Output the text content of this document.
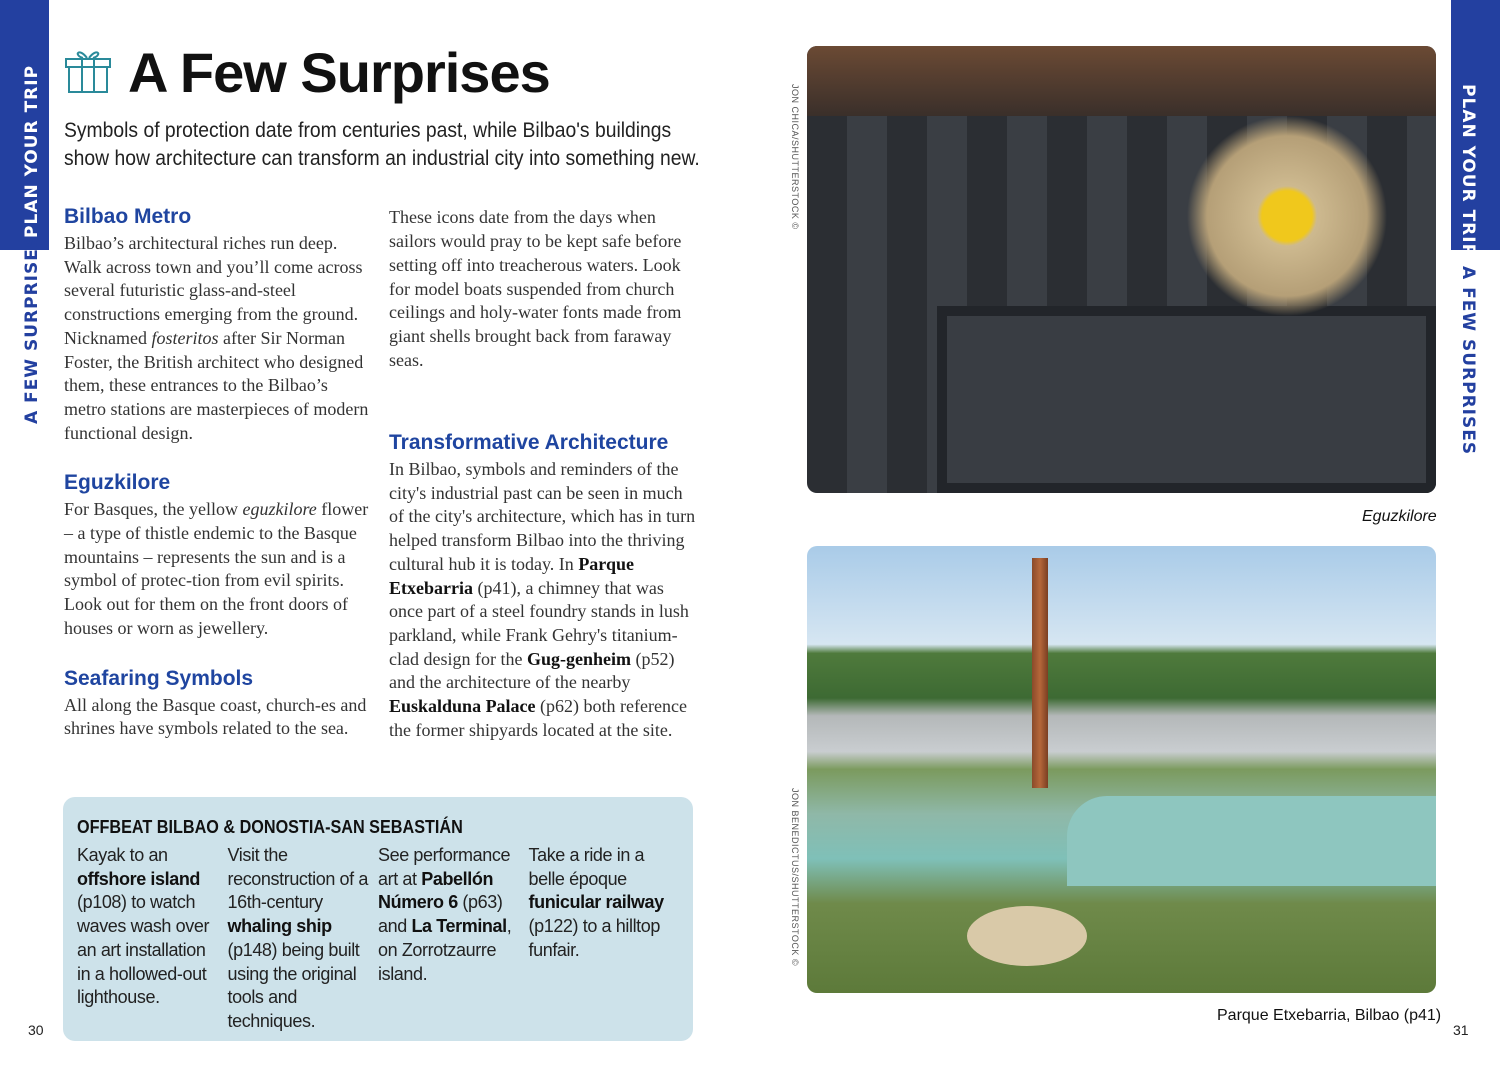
PLAN YOUR TRIP
A FEW SURPRISES
PLAN YOUR TRIP
A FEW SURPRISES
A Few Surprises
Symbols of protection date from centuries past, while Bilbao's buildings show how architecture can transform an industrial city into something new.
Bilbao Metro

Bilbao’s architectural riches run deep. Walk across town and you’ll come across several futuristic glass-and-steel constructions emerging from the ground. Nicknamed fosteritos after Sir Norman Foster, the British architect who designed them, these entrances to the Bilbao’s metro stations are masterpieces of modern functional design.

Eguzkilore

For Basques, the yellow eguzkilore flower – a type of thistle endemic to the Basque mountains – represents the sun and is a symbol of protec-tion from evil spirits. Look out for them on the front doors of houses or worn as jewellery.

Seafaring Symbols

All along the Basque coast, church-es and shrines have symbols related to the sea.

These icons date from the days when sailors would pray to be kept safe before setting off into treacherous waters. Look for model boats suspended from church ceilings and holy-water fonts made from giant shells brought back from faraway seas.

Transformative Architecture

In Bilbao, symbols and reminders of the city's industrial past can be seen in much of the city's architecture, which has in turn helped transform Bilbao into the thriving cultural hub it is today. In Parque Etxebarria (p41), a chimney that was once part of a steel foundry stands in lush parkland, while Frank Gehry's titanium-clad design for the Gug-genheim (p52) and the architecture of the nearby Euskalduna Palace (p62) both reference the former shipyards located at the site.

OFFBEAT BILBAO & DONOSTIA-SAN SEBASTIÁN
Kayak to an offshore island (p108) to watch waves wash over an art installation in a hollowed-out lighthouse.
Visit the reconstruction of a 16th-century whaling ship (p148) being built using the original tools and techniques.
See performance art at Pabellón Número 6 (p63) and La Terminal, on Zorrotzaurre island.
Take a ride in a belle époque funicular railway (p122) to a hilltop funfair.
30	31
Eguzkilore
JON CHICA/SHUTTERSTOCK ©
Parque Etxebarria, Bilbao (p41)
JON BENEDICTUS/SHUTTERSTOCK ©
